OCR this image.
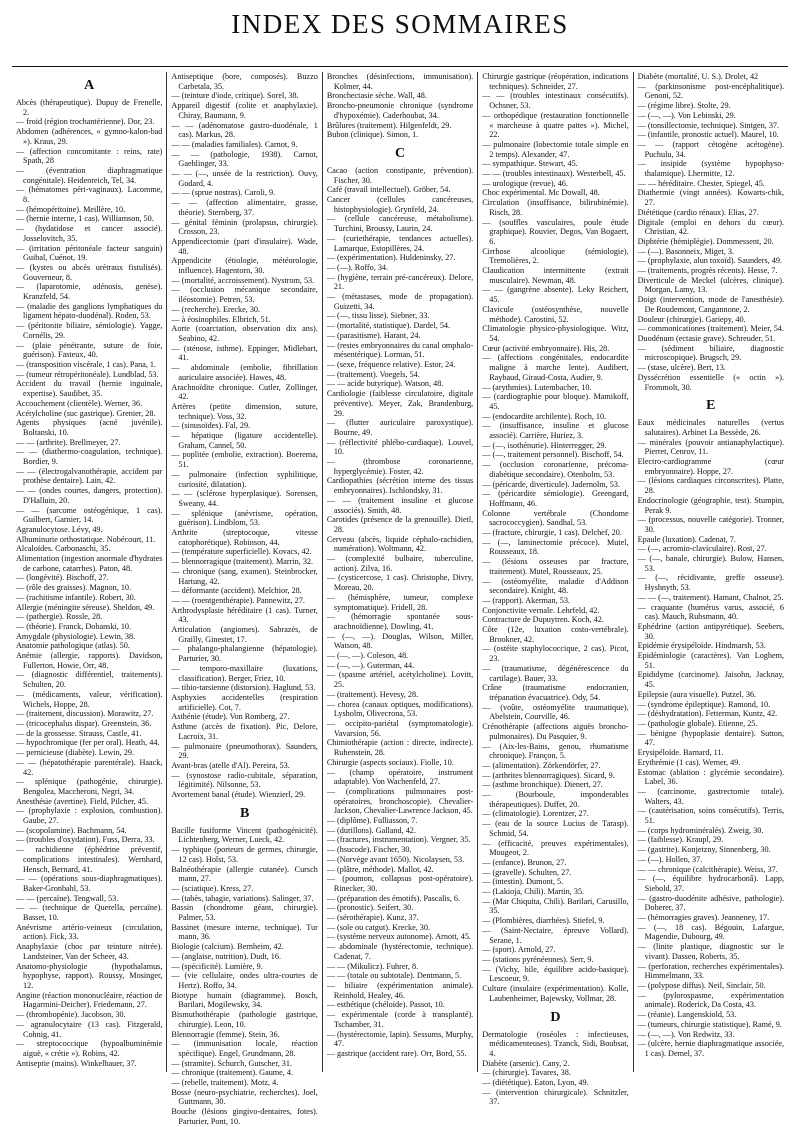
INDEX DES SOMMAIRES

A

Abcès (thérapeutique). Dupuy de Frenelle, 2.

— froid (région trochantérienne). Dor, 23.

Abdomen (adhérences, « gymno-kalon-bad »). Kraus, 29.

— (affection concomitante : reins, rate) Spath, 28

— (éventration diaphragmatique congénitale). Heidenreich, Tel, 34.

— (hématomes péri-vaginaux). Lacomme, 8.

— (hémopéritoine). Meillère, 10.

— (hernie interne, 1 cas). Williamson, 50.

— (hydatidose et cancer associé). Josselovitch, 35.

— (irritation péritonéale facteur sanguin) Guibal, Cuénot, 19.

— (kystes ou abcès urétraux fistulisés). Gouverneur, 8.

— (laparotomie, adénosis, genèse). Kranzfeld, 54.

— (maladie des ganglions lymphatiques du ligament hépato-duodénal). Roden, 53.

— (péritonite biliaire, sémiologie). Yagge, Cornélis, 29.

— (plaie pénétrante, suture de foie, guérison). Fasteux, 40.

— (transposition viscérale, 1 cas). Pana, 1.

— (tumeur rétropéritonéale). Lundblad, 53.

Accident du travail (hernie inguinale, expertise). Saudibet, 35.

Accouchement (clientèle). Werner, 36.

Acétylcholine (suc gastrique). Grenier, 28.

Agents physiques (acné juvénile). Boltanski, 10.

— — (arthrite). Brellmeyer, 27.

— — (diathermo-coagulation, technique). Bordier, 9.

— — (électrogalvanothérapie, accident par prothèse dentaire). Lain, 42.

— — (ondes courtes, dangers, protection). D'Halluin, 20.

— — (sarcome ostéogénique, 1 cas). Guilbert, Garnier, 14.

Agranulocytose. Lévy, 49.

Albuminurie orthostatique. Nobécourt, 11.

Alcaloïdes. Carbonaschi, 35.

Alimentation (ingestion anormale d'hydrates de carbone, catarrhes). Paton, 48.

— (longévité). Bischoff, 27.

— (rôle des graisses). Magnon, 10.

— (rachitisme infantile). Robert, 30.

Allergie (méningite séreuse). Sheldon, 49.

— (pathergie). Rossle, 28.

— (théorie). Franck, Dobanski, 10.

Amygdale (physiologie). Lewin, 38.

Anatomie pathologique (atlas). 50.

Anémie (allergie, rapports). Davidson, Fullerton, Howie, Orr, 48.

— (diagnostic différentiel, traitements). Schulten, 20.

— (médicaments, valeur, vérification). Wichels, Hoppe, 28.

— (traitement, discussion). Morawitz, 27.

— (tricocephalus dispar). Greenstein, 36.

— de la grossesse. Strauss, Castle, 41.

— hypochromique (fer per oral). Heath, 44.

— pernicieuse (diabète). Lewin, 29.

— — (hépatothérapie parentérale). Haack, 42.

— splénique (pathogénie, chirurgie). Bengolea, Maccheroni, Negri, 34.

Anesthésie (avertine). Field, Pilcher, 45.

— (prophylaxie : explosion, combustion). Gaube, 27.

— (scopolamine). Bachmann, 54.

— (troubles d'oxydation). Fuss, Derra, 33.

— rachidienne (éphédrine préventif, complications intestinales). Wernhard, Hensch, Bernard, 41.

— — (opérations sous-diaphragmatiques). Baker-Gronbahl, 53.

— — (percaïne). Tengwall, 53.

— — (technique de Querella, percaïne). Basset, 10.

Anévrisme artério-veineux (circulation, action). Fick, 33.

Anaphylaxie (choc par teinture nitrée). Landsteiner, Van der Scheer, 43.

Anatomo-physiologie (hypothalamus, hypophyse, rapport). Roussy, Mosinger, 12.

Angine (réaction mononucléaire, réaction de Hagarmini-Deicher). Friedemann, 27.

— (thrombopénie). Jacobson, 30.

— agranulocytaire (13 cas). Fitzgerald, Cohnig, 41.

— streptococcique (hypoalbuminémie aiguë, « crétie »). Robins, 42.

Antiseptie (mains). Winkelbauer, 37.

Antiseptique (bore, composés). Buzzo Carbetala, 35.

— (teinture d'iode, critique). Sorel, 38.

Appareil digestif (colite et anaphylaxie). Chiray, Baumann, 9.

— — (adénomatose gastro-duodénale, 1 cas). Markus, 28.

— — (maladies familiales). Carnot, 9.

— — (pathologie, 1938). Carnot, Gaehlinger, 33.

— — (—, unsée de la restriction). Ouvy, Godard, 4.

— — (sprue nostras). Caroli, 9.

— — (affection alimentaire, grasse, théorie). Sternberg, 37.

— génital féminin (prolapsus, chirurgie). Crosson, 23.

Appendicectomie (part d'insulaire). Wade, 48.

Appendicite (étiologie, météorologie, influence). Hagentorn, 30.

— (mortalité, accroissement). Nystrom, 53.

— (occlusion mécanique secondaire, iléostomie). Petren, 53.

— (recherche). Erecke, 30.

— à éosinophiles. Elbrich, 51.

Aorte (coarctation, observation dix ans). Seabino, 42.

— (sténose, isthme). Eppinger, Midlebart, 41.

— abdominale (embolie, fibrillation auriculaire associée). Hawes, 48.

Arachnoïdite chronique. Cutler, Zollinger, 42.

Artères (petite dimension, suture, technique). Voss, 32.

— (sinusoïdes). Fal, 29.

— hépatique (ligature accidentelle). Graham, Cannel, 50.

— poplitée (embolie, extraction). Boerema, 51.

— pulmonaire (infection syphilitique, curiosité, dilatation).

— — (sclérose hyperplasique). Sorensen, Sweany, 44.

— splénique (anévrisme, opération, guérison). Lindblom, 53.

Arthrite (streptocoque, vitesse catophorétique). Robinson, 44.

— (température superficielle). Kovacs, 42.

— blennorragique (traitement). Marrin, 32.

— chronique (sang, examen). Steinbrocker, Hartung, 42.

— déformante (accident). Melchior, 28.

— — (roentgenthérapie). Pannewitz, 27.

Arthrodysplasie héréditaire (1 cas). Turner, 43.

Articulation (angiomes). Sabrazès, de Grailly, Ginestet, 17.

— phalango-phalangienne (hépatologie). Parturier, 30.

— temporo-maxillaire (luxations, classification). Berger, Friez, 10.

— tibio-tarsienne (distorsion). Haglund, 53.

Asphyxies accidentelles (respiration artificielle). Cot, 7.

Asthénie (étude). Von Romberg, 27.

Asthme (accès de fixation). Pic, Delore, Lacroix, 31.

— pulmonaire (pneumothorax). Saunders, 29.

Avant-bras (atelle d'Al). Pereira, 53.

— (synostose radio-cubitale, séparation, légitimité). Nilsonne, 53.

Avortement banal (étude). Wienzierl, 29.

B

Bacille fusiforme Vincent (pathogénicité). Lichtenberg, Werner, Lueck, 42.

— typhique (porteurs de germes, chirurgie, 12 cas). Holst, 53.

Balnéothérapie (allergie cutanée). Cursch mann, 27.

— (sciatique). Kress, 27.

— (tabès, tabagie, variations). Salinger, 37.

Bassin (chondrome géant, chirurgie). Palmer, 53.

Bassinet (mesure interne, technique). Tur mann, 36.

Biologie (calcium). Bernheim, 42.

— (anglaise, nutrition). Dudt, 16.

— (spécificité). Lumière, 9.

— (vie cellulaire, ondes ultra-courtes de Hertz). Roffo, 34.

Biotype humain (diagramme). Bosch, Barilari, Mogilewsky, 34.

Bismuthothérapie (pathologie gastrique, chirurgie). Leon, 10.

Blennorragie (femme). Stein, 36.

— (immunisation locale, réaction spécifique). Engel, Grundmann, 28.

— (stramite). Schurch, Gutscher, 31.

— chronique (traitement). Gaume, 4.

— (rebelle, traitement). Motz, 4.

Bosse (neuro-psychiatrie, recherches). Joel, Guttmann, 30.

Bouche (lésions gingivo-dentaires, fotes). Parturier, Pont, 10.

Bronches (désinfections, immunisation). Kolmer, 44.

Bronchectasie sèche. Wall, 48.

Broncho-pneumonie chronique (syndrome d'hypoxémie). Caderhoubat, 34.

Brûlures (traitement). Hilgenfeldt, 29.

Bubon (clinique). Simon, 1.

C

Cacao (action constipante, prévention). Fischer, 30.

Café (travail intellectuel). Gröber, 54.

Cancer (cellules cancéreuses, histophysiologie). Grynfeld, 24.

— (cellule cancéreuse, métabolisme). Turchini, Broussy, Laurin, 24.

— (curiethérapie, tendances actuelles). Lamarque, Estopillères, 24.

— (expérimentation). Huldeninsky, 27.

— (—). Roffo, 34.

— (hygiène, terrain pré-cancéreux). Delore, 21.

— (métastases, mode de propagation). Guizetti, 34.

— (—, tissu lisse). Siebner, 33.

— (mortalité, statistique). Dardel, 54.

— (parasitisme). Harant, 24.

— (restes embryonnaires du canal omphalo-mésentérique). Lorman, 51.

— (sexe, fréquence relative). Estor, 24.

— (traitement). Voegels, 54.

— — acide butyrique). Watson, 48.

Cardiologie (faiblesse circulatoire, digitale préventive). Meyer, Zak, Brandenburg, 29.

— (flutter auriculaire paroxystique). Bourne, 49.

— (réflectivité phlébo-cardiaque). Louvel, 10.

— (thrombose coronarienne, hyperglycémie). Foster, 42.

Cardiopathies (sécrétion interne des tissus embryonnaires). Ischlondsky, 31.

— — (traitement insuline et glucose associés). Smith, 48.

Carotides (présence de la grenouille). Dietl, 28.

Cerveau (abcès, liquide céphalo-rachidien, numération). Woltmann, 42.

— (complexité bulbaire, tuberculine, action). Zilva, 16.

— (cysticercose, 1 cas). Christophe, Divry, Moreau, 20.

— (hémisphère, tumeur, complexe symptomatique). Fridell, 28.

— (hémorragie spontanée sous-arachnoïdienne). Dowling, 41.

— (—, —). Douglas, Wilson, Miller, Watson, 48.

— (—, —). Coleson, 48.

— (—, —). Guterman, 44.

— (spasme artériel, acétylcholine). Lovitt, 25.

— (traitement). Hevesy, 28.

— chorea (canaux optiques, modifications). Lysholm, Olivecrona, 53.

— occipito-pariétal (symptomatologie). Vavarsion, 56.

Chimiothérapie (action : directe, indirecte). Ruhenstein, 28.

Chirurgie (aspects sociaux). Fiolle, 10.

— (champ opératoire, instrument adaptable). Von Wachenfeld, 27.

— (complications pulmonaires post-opératoires, bronchoscopie). Chevalier-Jackson, Chevalier-Lawrence Jackson, 45.

— (diplôme). Fulliasson, 7.

— (durillons). Galland, 42.

— (fractures, instrumentation). Vergner, 35.

— (hsucode). Fischer, 30.

— (Norvège avant 1650). Nicolaysen, 53.

— (plâtre, méthode). Mallot, 42.

— (poumon, collapsus post-opératoire). Rinecker, 30.

— (préparation des émotifs). Pascalis, 6.

— (pronostic). Seifert, 30.

— (sérothérapie). Kunz, 37.

— (sole ou catgut). Krecke, 30.

— (système nerveux autonome). Arnott, 45.

— abdominale (hystérectomie, technique). Cadenat, 7.

— — (Mikulicz). Fuhrer, 8.

— — (totale ou subtotale). Dentmann, 5.

— biliaire (expérimentation animale). Reinhold, Healey, 46.

— esthétique (chéloïde). Passot, 10.

— expérimentale (corde à transplanté). Tschamber, 31.

— (hystérectomie, lapin). Sessums, Murphy, 47.

— gastrique (accident rare). Orr, Bord, 55.

Chirurgie gastrique (réopération, indications techniques). Schneider, 27.

— — (troubles intestinaux consécutifs). Ochsner, 53.

— orthopédique (restauration fonctionnelle « marcheuse à quatre pattes »). Michel, 22.

— pulmonaire (lobectomie totale simple en 2 temps). Alexander, 47.

— sympathique. Stewart, 45.

— — (troubles intestinaux). Westerbell, 45.

— urologique (revue), 46.

Choc expérimental. Mc Dowall, 48.

Circulation (insuffisance, bilirubinémie). Risch, 28.

— (souffles vasculaires, poule étude graphique). Rouvier, Degos, Van Bogaert, 6.

Cirrhose alcoolique (sémiologie). Tremolières, 2.

Claudication intermittente (extrait musculaire). Newman, 48.

— — (gangrène absente). Leky Reichert, 45.

Clavicule (ostéosynthèse, nouvelle méthode). Carostini, 52.

Climatologie physico-physiologique. Witz, 54.

Cœur (activité embryonnaire). His, 28.

— (affections congénitales, endocardite maligne à marche lente). Audibert, Raybaud, Giraud-Costa, Audier, 9.

— (arythmies). Lutembacher, 10.

— (cardiographie pour bloque). Mamikoff, 45.

— (endocardite archilente). Roch, 10.

— (insuffisance, insuline et glucose associé). Carrière, Huriez, 3.

— (—, isothénurie). Hinterregger, 29.

— (—, traitement personnel). Bischoff, 54.

— (occlusion coronarienne, précoma-diabétique secondaire). Otenholm, 53.

— (péricarde, diverticule). Jadernolm, 53.

— (péricardite sémiologie). Greengard, Hoffmann, 46.

Colonne vertébrale (Chondome sacrococcygien). Sandhal, 53.

— (fracture, chirurgie, 1 cas). Delchef, 20.

— (—, laminectomie précoce). Mutel, Rousseaux, 18.

— (lésions osseuses par fracture, traitement). Mutel, Rousseaux, 25.

— (ostéomyélite, maladie d'Addison secondaire). Knight, 48.

— (rapport). Akerman, 53.

Conjonctivite vernale. Lehrfeld, 42.

Contracture de Dupuytren. Koch, 42.

Côte (12e, luxation costo-vertébrale). Brookner, 42.

— (ostéite staphylococcique, 2 cas). Picot, 23.

— (traumatisme, dégénérescence du cartilage). Bauer, 33.

Crâne (traumatisme endocranien, trépanation évacuatrice). Ody, 54.

— (voûte, ostéomyélite traumatique). Abelstein, Courville, 46.

Crénothérapie (affections aiguës broncho-pulmonaires). Du Pasquier, 9.

— (Aix-les-Bains, genou, rhumatisme chronique). Françon, 5.

— (alimentation). Zörkendörfer, 27.

— (arthrites blennorragiques). Sicard, 9.

— (asthme bronchique). Dienert, 27.

— (Bourboule, imponderables thérapeutiques). Duffet, 20.

— (climatologie). Lorentzer, 27.

— (eau de la source Lucius de Tarasp). Schmid, 54.

— (efficacité, preuves expérimentales). Mougeot, 2.

— (enfance). Brunon, 27.

— (gravelle). Schulten, 27.

— (intestin). Dumont, 5.

— (Lakioja, Chili). Martin, 35.

— (Mar Chiquita, Chili). Barilari, Carusillo, 35.

— (Plombières, diarrhées). Stiefel, 9.

— (Saint-Nectaire, épreuve Vollard). Serane, 1.

— (sport). Arnold, 27.

— (stations pyrénéennes). Serr, 9.

— (Vichy, bile, équilibre acido-basique). Lescoeur, 9.

Culture (insulaire (expérimentation). Kolle, Laubenheimer, Bajewsky, Vollmar, 28.

D

Dermatologie (roséoles : infectieuses, médicamenteuses). Tzanck, Sidi, Boubsat, 4.

Diabète (arsenic). Cany, 2.

— (chirurgie). Tavares, 38.

— (diététique). Eaton, Lyon, 49.

— (intervention chirurgicale). Schnitzler, 37.

Diabète (mortalité, U. S.). Drolet, 42

— (parkinsonisme post-encéphalitique). Genoni, 52.

— (régime libre). Stolte, 29.

— (—, —). Von Lebinski, 29.

— (tonsillectomie, technique). Sintgen, 37.

— (infantile, pronostic actuel). Maurel, 10.

— — (rapport cétogène acétogène). Puchulu, 34.

— insipide (système hypophyso-thalamique). Lhermitte, 12.

— — héréditaire. Chester, Spiegel, 45.

Diathermie (vingt années). Kowarts-chik, 27.

Diététique (cardio rénaux). Elias, 27.

Digitale (emploi en dehors du cœur). Christian, 42.

Diphtérie (hémiplégie). Dommessent, 20.

— (—). Basonneix, Miget, 3.

— (prophylaxie, alun toxoïd). Saunders, 49.

— (traitements, progrès récents). Hesse, 7.

Diverticule de Meckel (ulcères, clinique). Morgan, Lamy, 13.

Doigt (intervention, mode de l'anesthésie). De Roudemont, Cangannone, 2.

Douleur (chirurgie). Gariepy, 40.

— commonicationes (traitement). Meier, 54.

Duodénum (ectasie grave). Schreuder, 51.

— (sédiment biliaire, diagnostic microscopique). Brugsch, 29.

— (stase, ulcère). Bert, 13.

Dyssécrétion essentielle (« octin »). Frommolt, 30.

E

Eaux médicinales naturelles (vertus salutaires). Arbinet La Bessède, 26.

— minérales (pouvoir antianaphylactique). Pierret, Cenrov, 11.

Electro-cardiogramme (cœur embryonnaire). Hoppe, 27.

— (lésions cardiaques circonscrites). Platte, 28.

Endocrinologie (géographie, test). Stumpin, Perak 9.

— (processus, nouvelle catégorie). Tronner, 30.

Epaule (luxation). Cadenat, 7.

— (—, acromio-claviculaire). Rost, 27.

— (—, banale, chirurgie). Bulow, Hansen, 53.

— (—, récidivante, greffe osseuse). Hyshnyth, 53.

— — (—, traitement). Hamant, Chalnot, 25.

— craquante (humérus varus, associé, 6 cas). Mauch, Rubsmann, 40.

Ephédrine (action antipyrétique). Seebers, 30.

Epidémie érysipéloïde. Hindmarsh, 53.

Epidémiologie (caractères). Van Loghem, 51.

Epididyme (carcinome). Jaisohn, Jacknay, 45.

Epilepsie (aura visuelle). Putzel, 36.

— (syndrome épileptique). Ramond, 10.

— (déshydratation). Fetterman, Kuntz, 42.

— (pathologie globale). Etienne, 25.

— bénigne (hypoplasie dentaire). Sutton, 47.

Erysipéloïde. Barnard, 11.

Erythrémie (1 cas). Werner, 49.

Estomac (ablation : glycémie secondaire). Label, 36.

— (carcinome, gastrectomie totale). Walters, 43.

— (cautérisation, soins consécutifs). Terris, 51.

— (corps hydrominéralés). Zweig, 30.

— (faiblesse). Kraupl, 29.

— (gastrite). Konjetzny, Sinnenberg, 30.

— (—). Hollen, 37.

— — chronique (calcithérapie). Weiss, 37.

— (—, équilibre hydrocarbonâ). Lapp, Siebold, 37.

— (gastro-duodénite adhésive, pathologie). Doberer, 37.

— (hémorragies graves). Jeanneney, 17.

— (—, 18 cas). Bégouin, Lafargue, Magendie, Dubourg, 49.

— (linite plastique, diagnostic sur le vivant). Dassen, Roberts, 35.

— (perforation, recherches expérimentales). Himmelmann, 33.

— (polypose diffus). Neil, Sinclair, 50.

— (pylorospasme, expérimentation animale). Roderick, Da Costa, 43.

— (réanie). Langenskiold, 53.

— (tumeurs, chirurgie statistique). Ramé, 9.

— (—, —). Von Redwitz, 33.

— (ulcère, hernie diaphragmatique associée, 1 cas). Demel, 37.
